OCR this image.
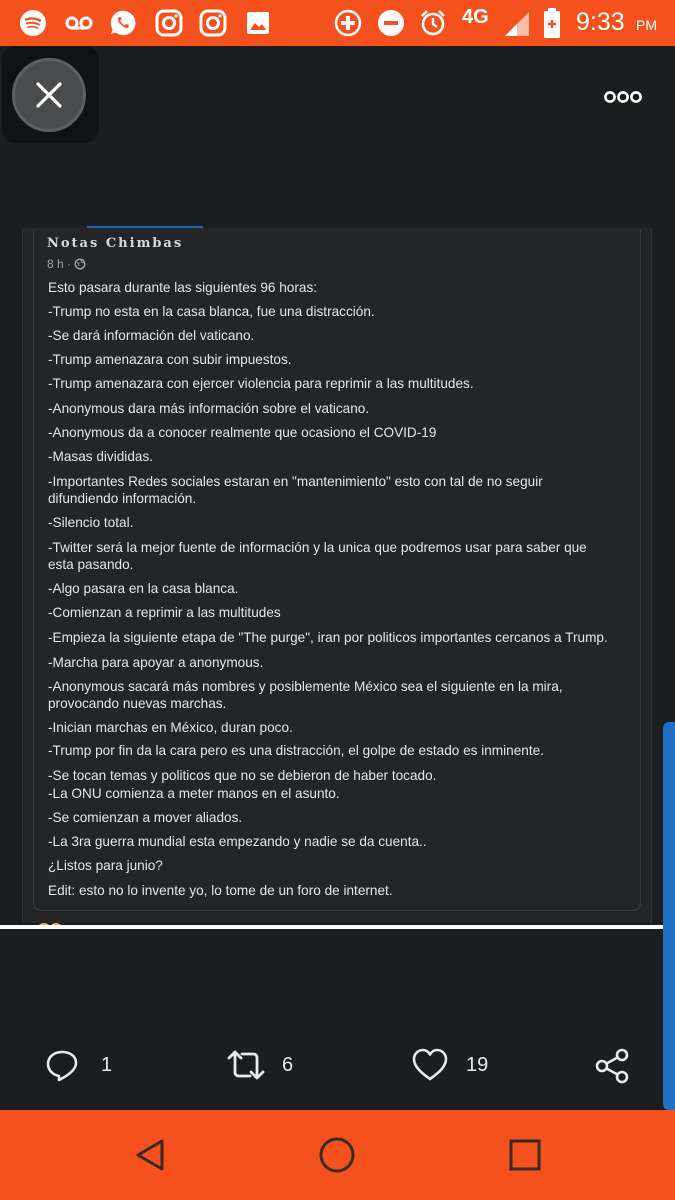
4G	9:33 PM
Notas Chimbas
8 h ·
Esto pasara durante las siguientes 96 horas:
-Trump no esta en la casa blanca, fue una distracción.
-Se dará información del vaticano.
-Trump amenazara con subir impuestos.
-Trump amenazara con ejercer violencia para reprimir a las multitudes.
-Anonymous dara más información sobre el vaticano.
-Anonymous da a conocer realmente que ocasiono el COVID-19
-Masas divididas.
-Importantes Redes sociales estaran en "mantenimiento" esto con tal de no seguir
difundiendo información.
-Silencio total.
-Twitter será la mejor fuente de información y la unica que podremos usar para saber que
esta pasando.
-Algo pasara en la casa blanca.
-Comienzan a reprimir a las multitudes
-Empieza la siguiente etapa de "The purge", iran por politicos importantes cercanos a Trump.
-Marcha para apoyar a anonymous.
-Anonymous sacará más nombres y posiblemente México sea el siguiente en la mira,
provocando nuevas marchas.
-Inician marchas en México, duran poco.
-Trump por fin da la cara pero es una distracción, el golpe de estado es inminente.
-Se tocan temas y politicos que no se debieron de haber tocado.
-La ONU comienza a meter manos en el asunto.
-Se comienzan a mover aliados.
-La 3ra guerra mundial esta empezando y nadie se da cuenta..
¿Listos para junio?
Edit: esto no lo invente yo, lo tome de un foro de internet.
1	6	19
